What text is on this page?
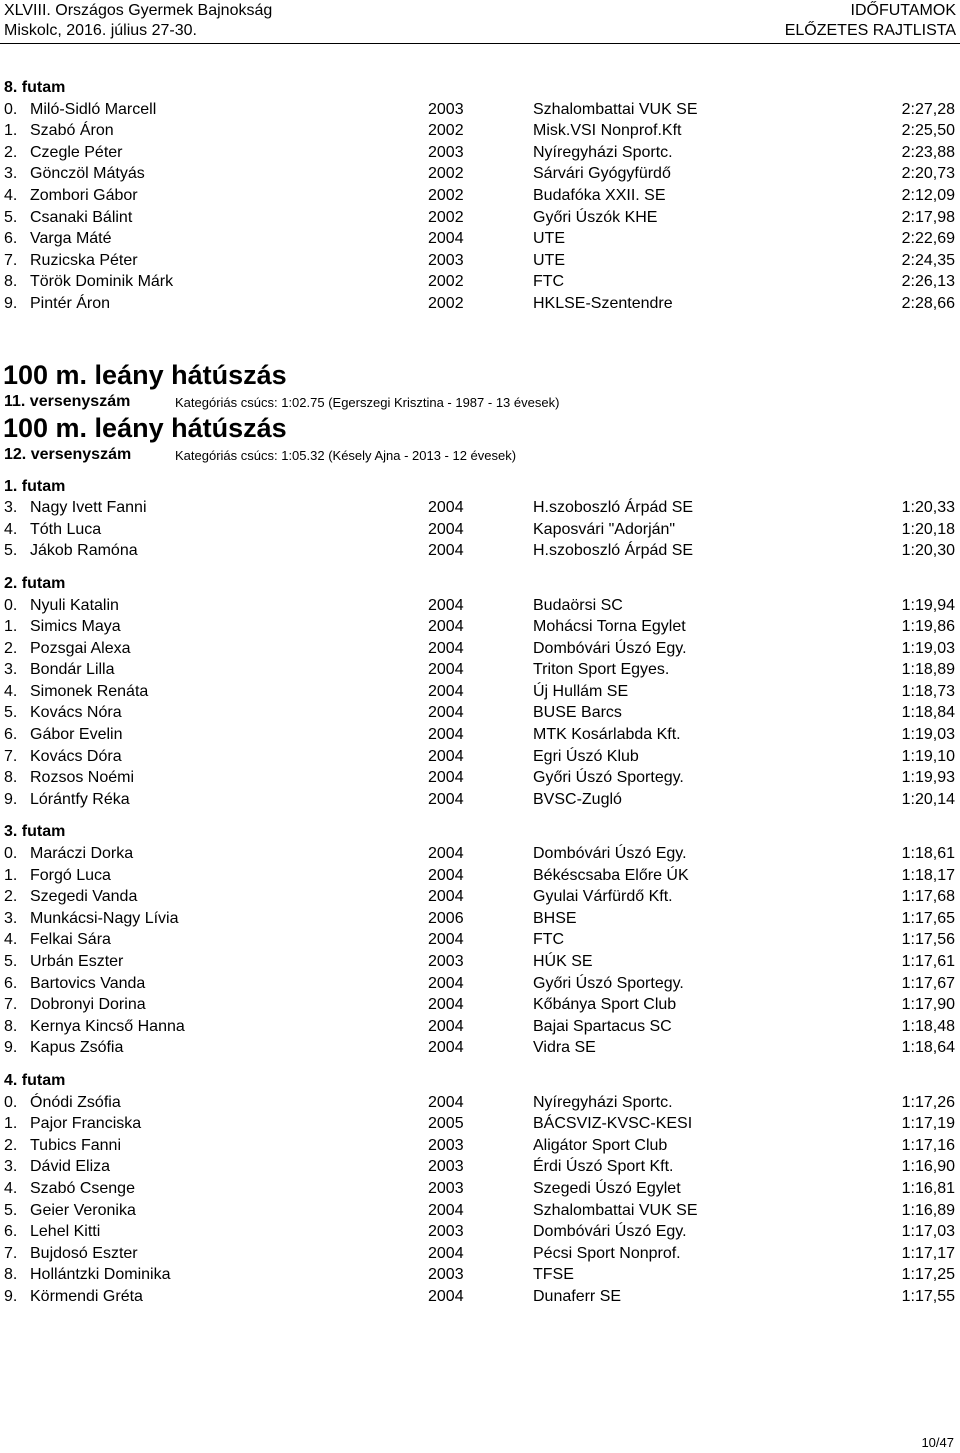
XLVIII. Országos Gyermek Bajnokság
Miskolc, 2016. július 27-30.
IDŐFUTAMOK
ELŐZETES RAJTLISTA
8. futam
0. Miló-Sidló Marcell	2003	Szhalombattai VUK SE	2:27,28
1. Szabó Áron	2002	Misk.VSI Nonprof.Kft	2:25,50
2. Czegle Péter	2003	Nyíregyházi Sportc.	2:23,88
3. Gönczöl Mátyás	2002	Sárvári Gyógyfürdő	2:20,73
4. Zombori Gábor	2002	Budafóka XXII. SE	2:12,09
5. Csanaki Bálint	2002	Győri Úszók KHE	2:17,98
6. Varga Máté	2004	UTE	2:22,69
7. Ruzicska Péter	2003	UTE	2:24,35
8. Török Dominik Márk	2002	FTC	2:26,13
9. Pintér Áron	2002	HKLSE-Szentendre	2:28,66
100 m. leány hátúszás
11. versenyszám	Kategóriás csúcs: 1:02.75 (Egerszegi Krisztina - 1987 - 13 évesek)
100 m. leány hátúszás
12. versenyszám	Kategóriás csúcs: 1:05.32 (Késely Ajna - 2013 - 12 évesek)
1. futam
3. Nagy Ivett Fanni	2004	H.szoboszló Árpád SE	1:20,33
4. Tóth Luca	2004	Kaposvári "Adorján"	1:20,18
5. Jákob Ramóna	2004	H.szoboszló Árpád SE	1:20,30
2. futam
0. Nyuli Katalin	2004	Budaörsi SC	1:19,94
1. Simics Maya	2004	Mohácsi Torna Egylet	1:19,86
2. Pozsgai Alexa	2004	Dombóvári Úszó Egy.	1:19,03
3. Bondár Lilla	2004	Triton Sport Egyes.	1:18,89
4. Simonek Renáta	2004	Új Hullám SE	1:18,73
5. Kovács Nóra	2004	BUSE Barcs	1:18,84
6. Gábor Evelin	2004	MTK Kosárlabda Kft.	1:19,03
7. Kovács Dóra	2004	Egri Úszó Klub	1:19,10
8. Rozsos Noémi	2004	Győri Úszó Sportegy.	1:19,93
9. Lórántfy Réka	2004	BVSC-Zugló	1:20,14
3. futam
0. Maráczi Dorka	2004	Dombóvári Úszó Egy.	1:18,61
1. Forgó Luca	2004	Békéscsaba Előre ÚK	1:18,17
2. Szegedi Vanda	2004	Gyulai Várfürdő Kft.	1:17,68
3. Munkácsi-Nagy Lívia	2006	BHSE	1:17,65
4. Felkai Sára	2004	FTC	1:17,56
5. Urbán Eszter	2003	HÚK SE	1:17,61
6. Bartovics Vanda	2004	Győri Úszó Sportegy.	1:17,67
7. Dobronyi Dorina	2004	Kőbánya Sport Club	1:17,90
8. Kernya Kincső Hanna	2004	Bajai Spartacus SC	1:18,48
9. Kapus Zsófia	2004	Vidra SE	1:18,64
4. futam
0. Ónódi Zsófia	2004	Nyíregyházi Sportc.	1:17,26
1. Pajor Franciska	2005	BÁCSVIZ-KVSC-KESI	1:17,19
2. Tubics Fanni	2003	Aligátor Sport Club	1:17,16
3. Dávid Eliza	2003	Érdi Úszó Sport Kft.	1:16,90
4. Szabó Csenge	2003	Szegedi Úszó Egylet	1:16,81
5. Geier Veronika	2004	Szhalombattai VUK SE	1:16,89
6. Lehel Kitti	2003	Dombóvári Úszó Egy.	1:17,03
7. Bujdosó Eszter	2004	Pécsi Sport Nonprof.	1:17,17
8. Hollántzki Dominika	2003	TFSE	1:17,25
9. Körmendi Gréta	2004	Dunaferr SE	1:17,55
10/47
